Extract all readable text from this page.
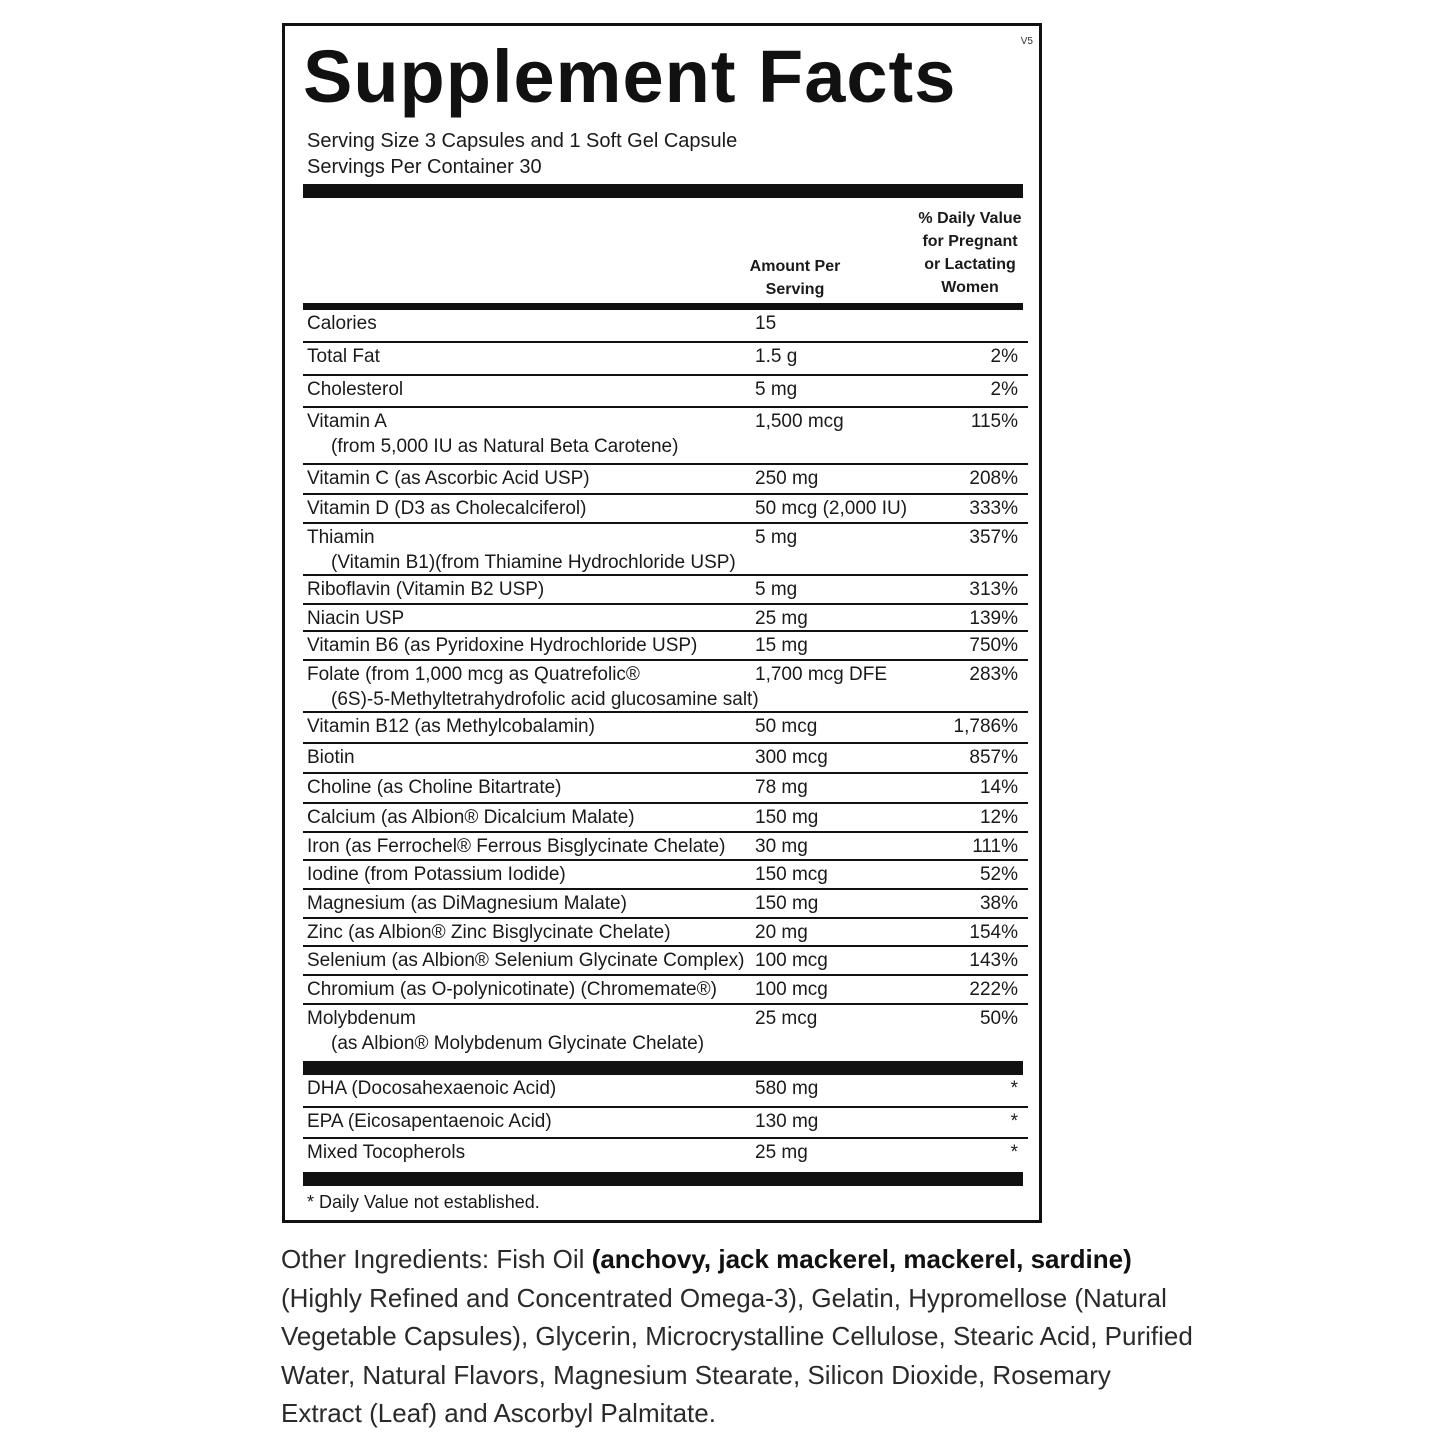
Supplement Facts	V5
Serving Size 3 Capsules and 1 Soft Gel Capsule
Servings Per Container 30
Amount Per
Serving
% Daily Value
for Pregnant
or Lactating
Women
Calories	15
Total Fat	1.5 g	2%
Cholesterol	5 mg	2%
Vitamin A
(from 5,000 IU as Natural Beta Carotene)
1,500 mcg	115%
Vitamin C (as Ascorbic Acid USP)	250 mg	208%
Vitamin D (D3 as Cholecalciferol)	50 mcg (2,000 IU)	333%
Thiamin
(Vitamin B1)(from Thiamine Hydrochloride USP)
5 mg	357%
Riboflavin (Vitamin B2 USP)	5 mg	313%
Niacin USP	25 mg	139%
Vitamin B6 (as Pyridoxine Hydrochloride USP)	15 mg	750%
Folate (from 1,000 mcg as Quatrefolic®
(6S)-5-Methyltetrahydrofolic acid glucosamine salt)
1,700 mcg DFE	283%
Vitamin B12 (as Methylcobalamin)	50 mcg	1,786%
Biotin	300 mcg	857%
Choline (as Choline Bitartrate)	78 mg	14%
Calcium (as Albion® Dicalcium Malate)	150 mg	12%
Iron (as Ferrochel® Ferrous Bisglycinate Chelate) 30 mg	111%
Iodine (from Potassium Iodide)	150 mcg	52%
Magnesium (as DiMagnesium Malate)	150 mg	38%
Zinc (as Albion® Zinc Bisglycinate Chelate)	20 mg	154%
Selenium (as Albion® Selenium Glycinate Complex) 100 mcg	143%
Chromium (as O-polynicotinate) (Chromemate®) 100 mcg	222%
Molybdenum
(as Albion® Molybdenum Glycinate Chelate)
25 mcg	50%
DHA (Docosahexaenoic Acid)	580 mg	*
EPA (Eicosapentaenoic Acid)	130 mg	*
Mixed Tocopherols	25 mg	*
* Daily Value not established.
Other Ingredients: Fish Oil (anchovy, jack mackerel, mackerel, sardine) (Highly Refined and Concentrated Omega-3), Gelatin, Hypromellose (Natural Vegetable Capsules), Glycerin, Microcrystalline Cellulose, Stearic Acid, Purified Water, Natural Flavors, Magnesium Stearate, Silicon Dioxide, Rosemary Extract (Leaf) and Ascorbyl Palmitate.
